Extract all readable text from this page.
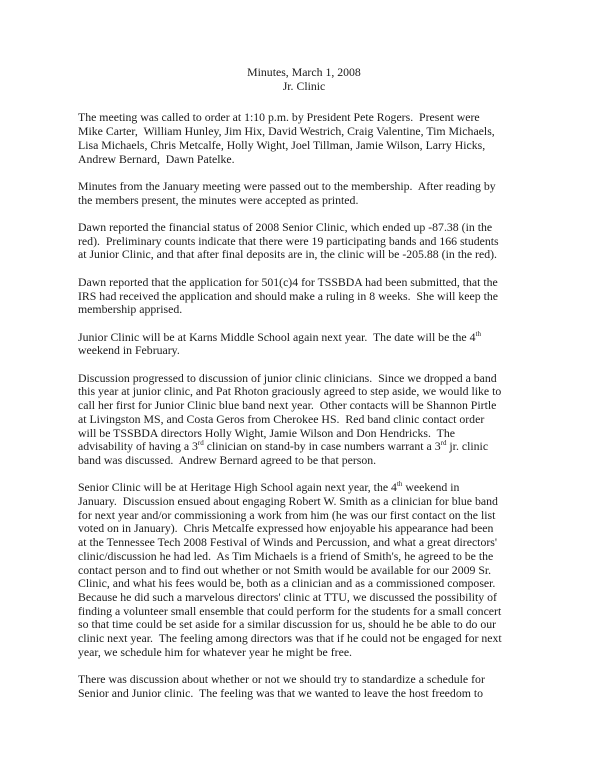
Minutes, March 1, 2008
Jr. Clinic
The meeting was called to order at 1:10 p.m. by President Pete Rogers.  Present were
Mike Carter,  William Hunley, Jim Hix, David Westrich, Craig Valentine, Tim Michaels,
Lisa Michaels, Chris Metcalfe, Holly Wight, Joel Tillman, Jamie Wilson, Larry Hicks,
Andrew Bernard,  Dawn Patelke.
Minutes from the January meeting were passed out to the membership.  After reading by
the members present, the minutes were accepted as printed.
Dawn reported the financial status of 2008 Senior Clinic, which ended up -87.38 (in the
red).  Preliminary counts indicate that there were 19 participating bands and 166 students
at Junior Clinic, and that after final deposits are in, the clinic will be -205.88 (in the red).
Dawn reported that the application for 501(c)4 for TSSBDA had been submitted, that the
IRS had received the application and should make a ruling in 8 weeks.  She will keep the
membership apprised.
Junior Clinic will be at Karns Middle School again next year.  The date will be the 4th
weekend in February.
Discussion progressed to discussion of junior clinic clinicians.  Since we dropped a band
this year at junior clinic, and Pat Rhoton graciously agreed to step aside, we would like to
call her first for Junior Clinic blue band next year.  Other contacts will be Shannon Pirtle
at Livingston MS, and Costa Geros from Cherokee HS.  Red band clinic contact order
will be TSSBDA directors Holly Wight, Jamie Wilson and Don Hendricks.  The
advisability of having a 3rd clinician on stand-by in case numbers warrant a 3rd jr. clinic
band was discussed.  Andrew Bernard agreed to be that person.
Senior Clinic will be at Heritage High School again next year, the 4th weekend in
January.  Discussion ensued about engaging Robert W. Smith as a clinician for blue band
for next year and/or commissioning a work from him (he was our first contact on the list
voted on in January).  Chris Metcalfe expressed how enjoyable his appearance had been
at the Tennessee Tech 2008 Festival of Winds and Percussion, and what a great directors'
clinic/discussion he had led.  As Tim Michaels is a friend of Smith's, he agreed to be the
contact person and to find out whether or not Smith would be available for our 2009 Sr.
Clinic, and what his fees would be, both as a clinician and as a commissioned composer.
Because he did such a marvelous directors' clinic at TTU, we discussed the possibility of
finding a volunteer small ensemble that could perform for the students for a small concert
so that time could be set aside for a similar discussion for us, should he be able to do our
clinic next year.  The feeling among directors was that if he could not be engaged for next
year, we schedule him for whatever year he might be free.
There was discussion about whether or not we should try to standardize a schedule for
Senior and Junior clinic.  The feeling was that we wanted to leave the host freedom to
